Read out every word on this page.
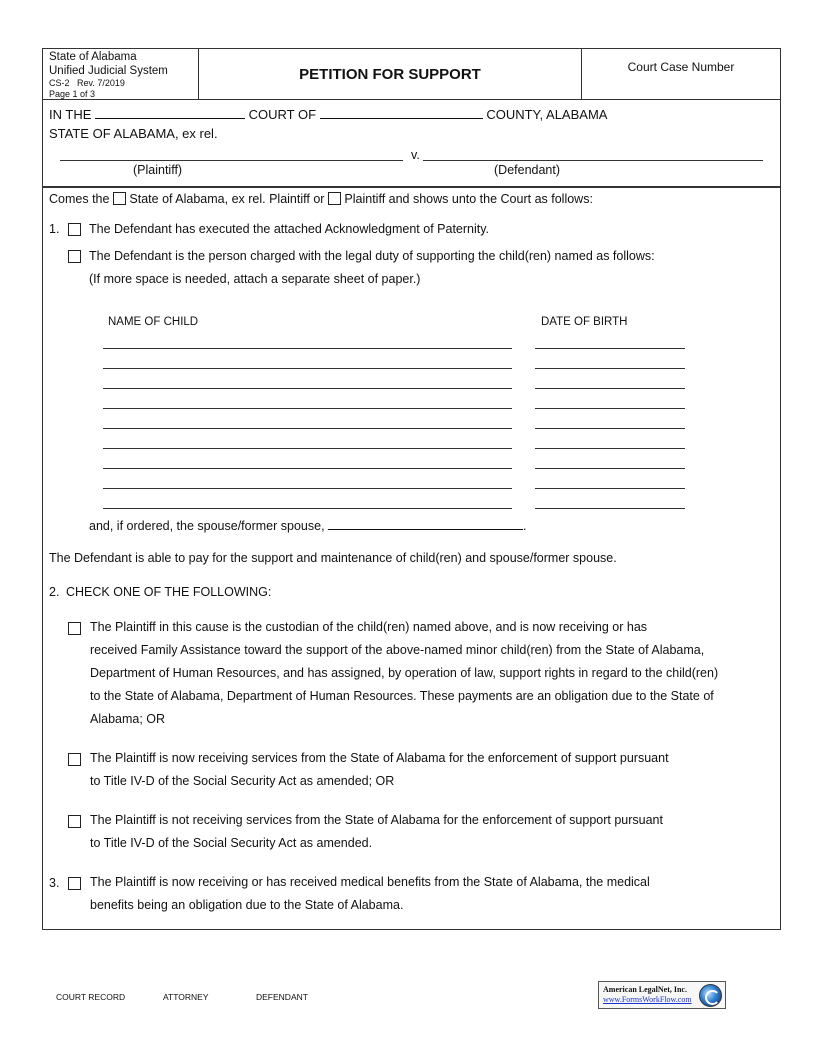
State of Alabama
Unified Judicial System
CS-2 Rev. 7/2019
Page 1 of 3
PETITION FOR SUPPORT	Court Case Number
IN THE	COURT OF	COUNTY, ALABAMA
STATE OF ALABAMA, ex rel.
v.
(Plaintiff)	(Defendant)
Comes the State of Alabama, ex rel. Plaintiff or Plaintiff and shows unto the Court as follows:
1. The Defendant has executed the attached Acknowledgment of Paternity.
The Defendant is the person charged with the legal duty of supporting the child(ren) named as follows:
(If more space is needed, attach a separate sheet of paper.)
NAME OF CHILD	DATE OF BIRTH
and, if ordered, the spouse/former spouse,	.
The Defendant is able to pay for the support and maintenance of child(ren) and spouse/former spouse.
2. CHECK ONE OF THE FOLLOWING:
The Plaintiff in this cause is the custodian of the child(ren) named above, and is now receiving or has
received Family Assistance toward the support of the above-named minor child(ren) from the State of Alabama,
Department of Human Resources, and has assigned, by operation of law, support rights in regard to the child(ren)
to the State of Alabama, Department of Human Resources. These payments are an obligation due to the State of
Alabama; OR
The Plaintiff is now receiving services from the State of Alabama for the enforcement of support pursuant
to Title IV-D of the Social Security Act as amended; OR
The Plaintiff is not receiving services from the State of Alabama for the enforcement of support pursuant
to Title IV-D of the Social Security Act as amended.
3. The Plaintiff is now receiving or has received medical benefits from the State of Alabama, the medical
benefits being an obligation due to the State of Alabama.
COURT RECORD	ATTORNEY	DEFENDANT
American LegalNet, Inc.
www.FormsWorkFlow.com
